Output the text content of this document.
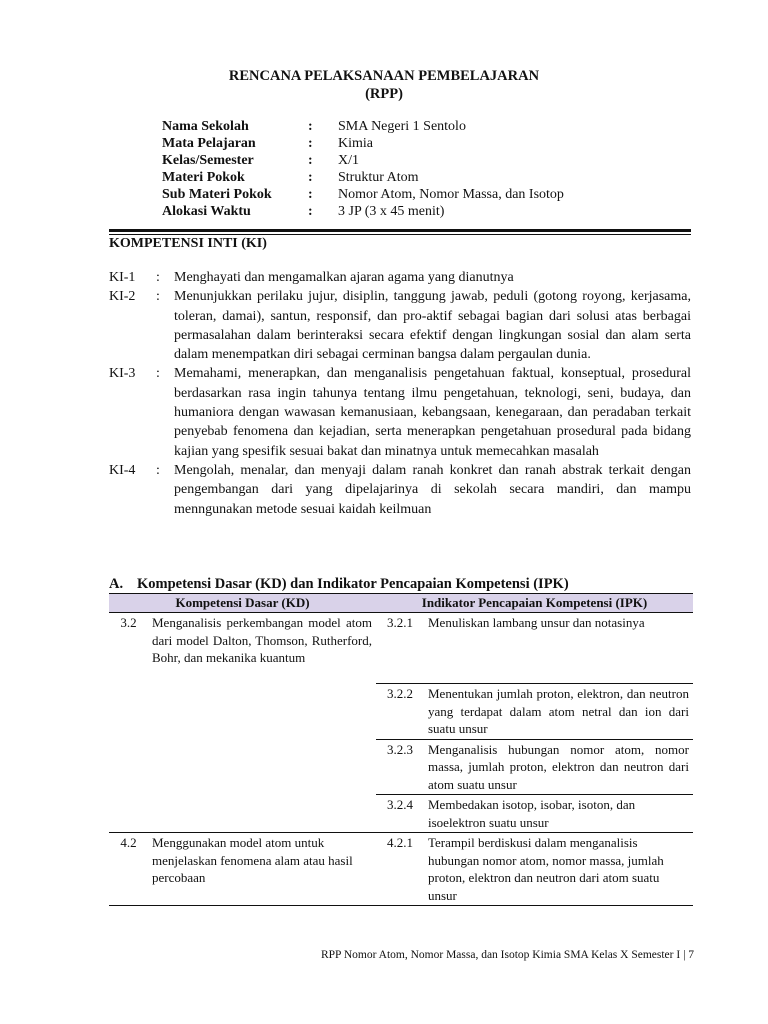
RENCANA PELAKSANAAN PEMBELAJARAN
(RPP)
Nama Sekolah	:	SMA Negeri 1 Sentolo
Mata Pelajaran	:	Kimia
Kelas/Semester	:	X/1
Materi Pokok	:	Struktur Atom
Sub Materi Pokok	:	Nomor Atom, Nomor Massa, dan Isotop
Alokasi Waktu	:	3 JP (3 x 45 menit)
KOMPETENSI INTI (KI)
KI-1	:	Menghayati dan mengamalkan ajaran agama yang dianutnya
KI-2	:	Menunjukkan perilaku jujur, disiplin, tanggung jawab, peduli (gotong royong, kerjasama, toleran, damai), santun, responsif, dan pro-aktif sebagai bagian dari solusi atas berbagai permasalahan dalam berinteraksi secara efektif dengan lingkungan sosial dan alam serta dalam menempatkan diri sebagai cerminan bangsa dalam pergaulan dunia.
KI-3	:	Memahami, menerapkan, dan menganalisis pengetahuan faktual, konseptual, prosedural berdasarkan rasa ingin tahunya tentang ilmu pengetahuan, teknologi, seni, budaya, dan humaniora dengan wawasan kemanusiaan, kebangsaan, kenegaraan, dan peradaban terkait penyebab fenomena dan kejadian, serta menerapkan pengetahuan prosedural pada bidang kajian yang spesifik sesuai bakat dan minatnya untuk memecahkan masalah
KI-4	:	Mengolah, menalar, dan menyaji dalam ranah konkret dan ranah abstrak terkait dengan pengembangan dari yang dipelajarinya di sekolah secara mandiri, dan mampu menngunakan metode sesuai kaidah keilmuan
A. Kompetensi Dasar (KD) dan Indikator Pencapaian Kompetensi (IPK)
Kompetensi Dasar (KD)		Indikator Pencapaian Kompetensi (IPK)	
3.2	Menganalisis perkembangan model atom dari model Dalton, Thomson, Rutherford, Bohr, dan mekanika kuantum	3.2.1	Menuliskan lambang unsur dan notasinya
		3.2.2	Menentukan jumlah proton, elektron, dan neutron yang terdapat dalam atom netral dan ion dari suatu unsur
		3.2.3	Menganalisis hubungan nomor atom, nomor massa, jumlah proton, elektron dan neutron dari atom suatu unsur
		3.2.4	Membedakan isotop, isobar, isoton, dan isoelektron suatu unsur
4.2	Menggunakan model atom untuk menjelaskan fenomena alam atau hasil percobaan	4.2.1	Terampil berdiskusi dalam menganalisis hubungan nomor atom, nomor massa, jumlah proton, elektron dan neutron dari atom suatu unsur
RPP Nomor Atom, Nomor Massa, dan Isotop Kimia SMA Kelas X Semester I | 7
